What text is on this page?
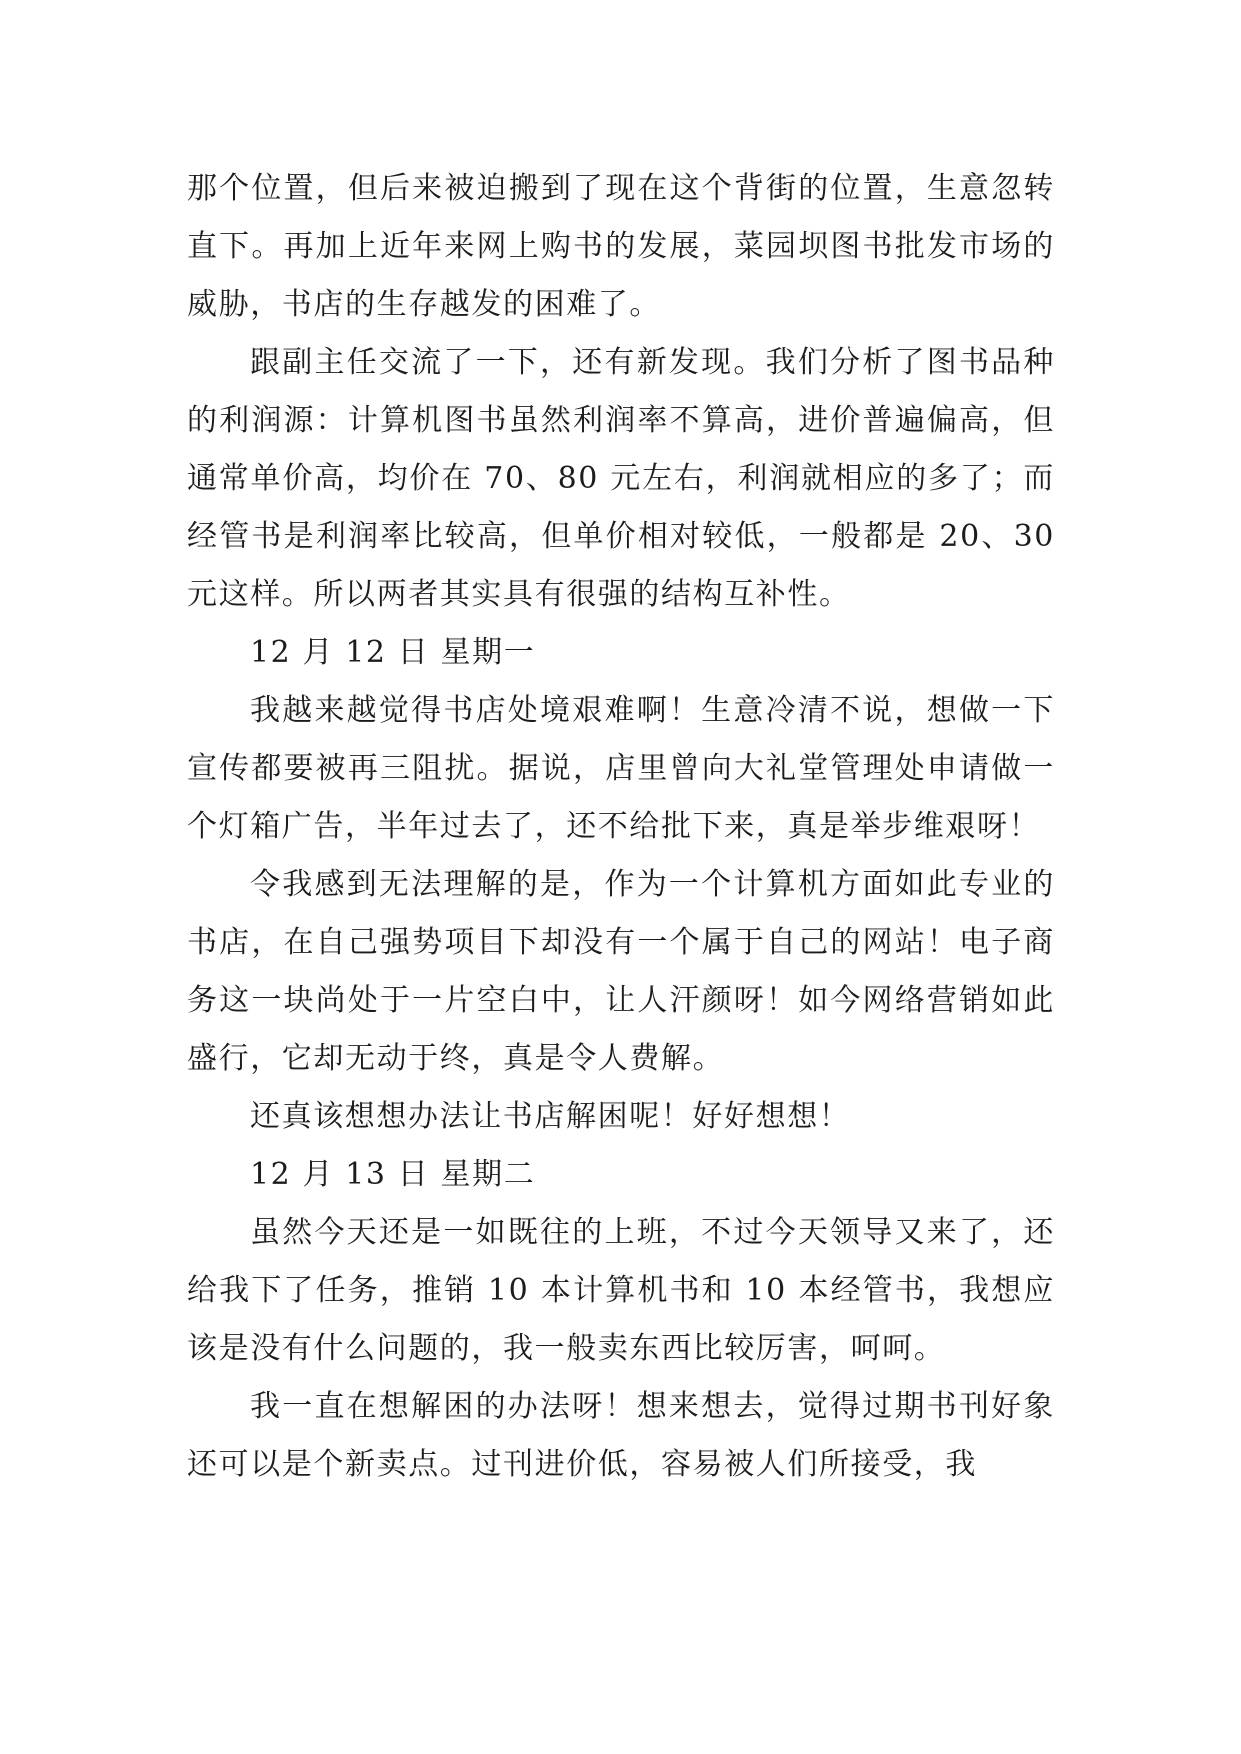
那个位置，但后来被迫搬到了现在这个背街的位置，生意忽转直下。再加上近年来网上购书的发展，菜园坝图书批发市场的威胁，书店的生存越发的困难了。

跟副主任交流了一下，还有新发现。我们分析了图书品种的利润源：计算机图书虽然利润率不算高，进价普遍偏高，但通常单价高，均价在 70、80 元左右，利润就相应的多了；而经管书是利润率比较高，但单价相对较低，一般都是 20、30 元这样。所以两者其实具有很强的结构互补性。

12 月 12 日 星期一

我越来越觉得书店处境艰难啊！生意冷清不说，想做一下宣传都要被再三阻扰。据说，店里曾向大礼堂管理处申请做一个灯箱广告，半年过去了，还不给批下来，真是举步维艰呀！

令我感到无法理解的是，作为一个计算机方面如此专业的书店，在自己强势项目下却没有一个属于自己的网站！电子商务这一块尚处于一片空白中，让人汗颜呀！如今网络营销如此盛行，它却无动于终，真是令人费解。

还真该想想办法让书店解困呢！好好想想！

12 月 13 日 星期二

虽然今天还是一如既往的上班，不过今天领导又来了，还给我下了任务，推销 10 本计算机书和 10 本经管书，我想应该是没有什么问题的，我一般卖东西比较厉害，呵呵。

我一直在想解困的办法呀！想来想去，觉得过期书刊好象还可以是个新卖点。过刊进价低，容易被人们所接受，我
